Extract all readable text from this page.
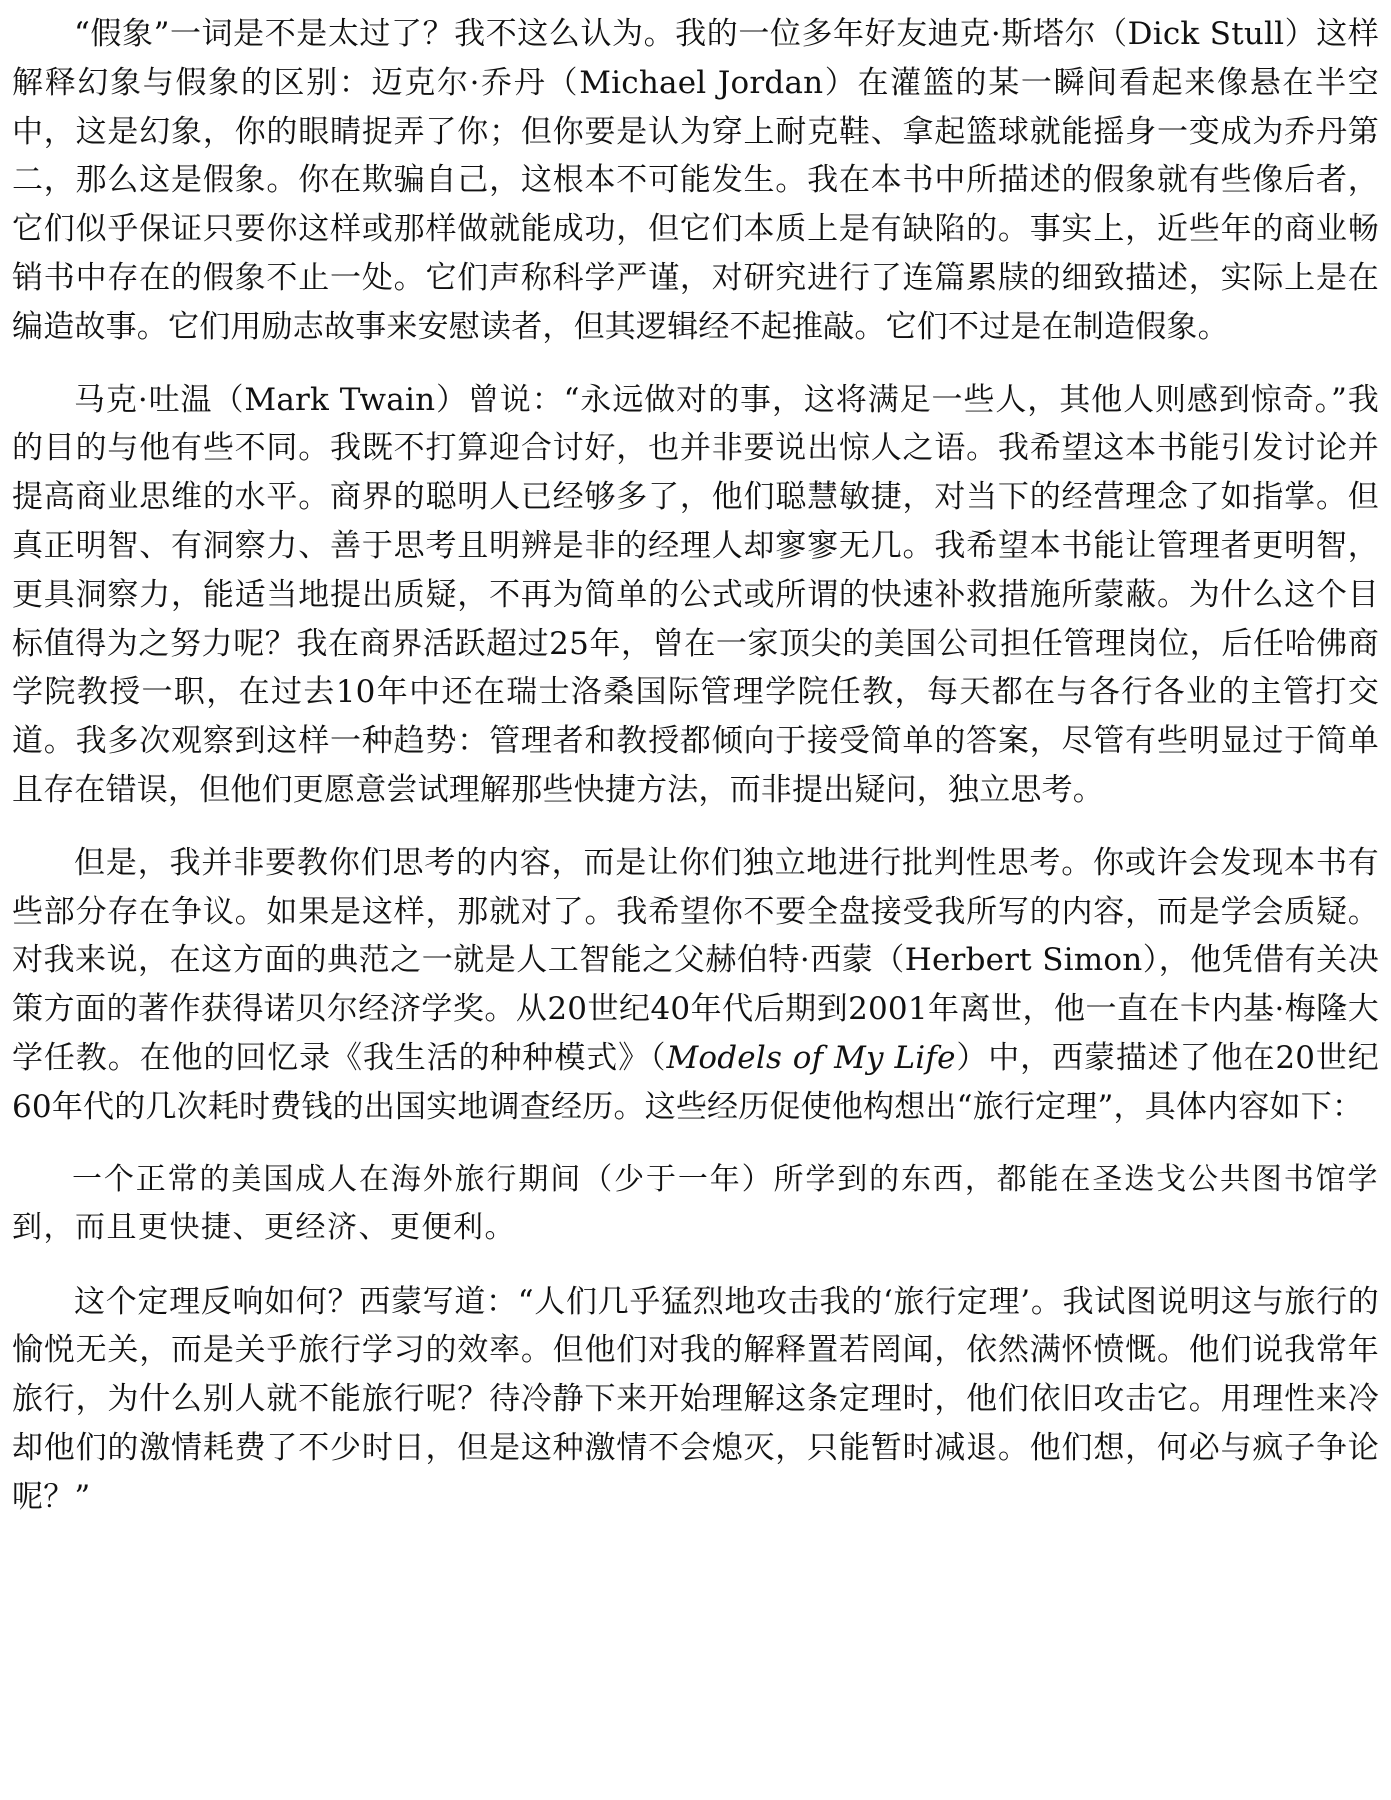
“假象”一词是不是太过了？我不这么认为。我的一位多年好友迪克·斯塔尔（Dick Stull）这样解释幻象与假象的区别：迈克尔·乔丹（Michael Jordan）在灌篮的某一瞬间看起来像悬在半空中，这是幻象，你的眼睛捉弄了你；但你要是认为穿上耐克鞋、拿起篮球就能摇身一变成为乔丹第二，那么这是假象。你在欺骗自己，这根本不可能发生。我在本书中所描述的假象就有些像后者，它们似乎保证只要你这样或那样做就能成功，但它们本质上是有缺陷的。事实上，近些年的商业畅销书中存在的假象不止一处。它们声称科学严谨，对研究进行了连篇累牍的细致描述，实际上是在编造故事。它们用励志故事来安慰读者，但其逻辑经不起推敲。它们不过是在制造假象。

马克·吐温（Mark Twain）曾说：“永远做对的事，这将满足一些人，其他人则感到惊奇。”我的目的与他有些不同。我既不打算迎合讨好，也并非要说出惊人之语。我希望这本书能引发讨论并提高商业思维的水平。商界的聪明人已经够多了，他们聪慧敏捷，对当下的经营理念了如指掌。但真正明智、有洞察力、善于思考且明辨是非的经理人却寥寥无几。我希望本书能让管理者更明智，更具洞察力，能适当地提出质疑，不再为简单的公式或所谓的快速补救措施所蒙蔽。为什么这个目标值得为之努力呢？我在商界活跃超过25年，曾在一家顶尖的美国公司担任管理岗位，后任哈佛商学院教授一职，在过去10年中还在瑞士洛桑国际管理学院任教，每天都在与各行各业的主管打交道。我多次观察到这样一种趋势：管理者和教授都倾向于接受简单的答案，尽管有些明显过于简单且存在错误，但他们更愿意尝试理解那些快捷方法，而非提出疑问，独立思考。

但是，我并非要教你们思考的内容，而是让你们独立地进行批判性思考。你或许会发现本书有些部分存在争议。如果是这样，那就对了。我希望你不要全盘接受我所写的内容，而是学会质疑。对我来说，在这方面的典范之一就是人工智能之父赫伯特·西蒙（Herbert Simon），他凭借有关决策方面的著作获得诺贝尔经济学奖。从20世纪40年代后期到2001年离世，他一直在卡内基·梅隆大学任教。在他的回忆录《我生活的种种模式》（Models of My Life）中，西蒙描述了他在20世纪60年代的几次耗时费钱的出国实地调查经历。这些经历促使他构想出“旅行定理”，具体内容如下：

一个正常的美国成人在海外旅行期间（少于一年）所学到的东西，都能在圣迭戈公共图书馆学到，而且更快捷、更经济、更便利。

这个定理反响如何？西蒙写道：“人们几乎猛烈地攻击我的‘旅行定理’。我试图说明这与旅行的愉悦无关，而是关乎旅行学习的效率。但他们对我的解释置若罔闻，依然满怀愤慨。他们说我常年旅行，为什么别人就不能旅行呢？待冷静下来开始理解这条定理时，他们依旧攻击它。用理性来冷却他们的激情耗费了不少时日，但是这种激情不会熄灭，只能暂时减退。他们想，何必与疯子争论呢？”
